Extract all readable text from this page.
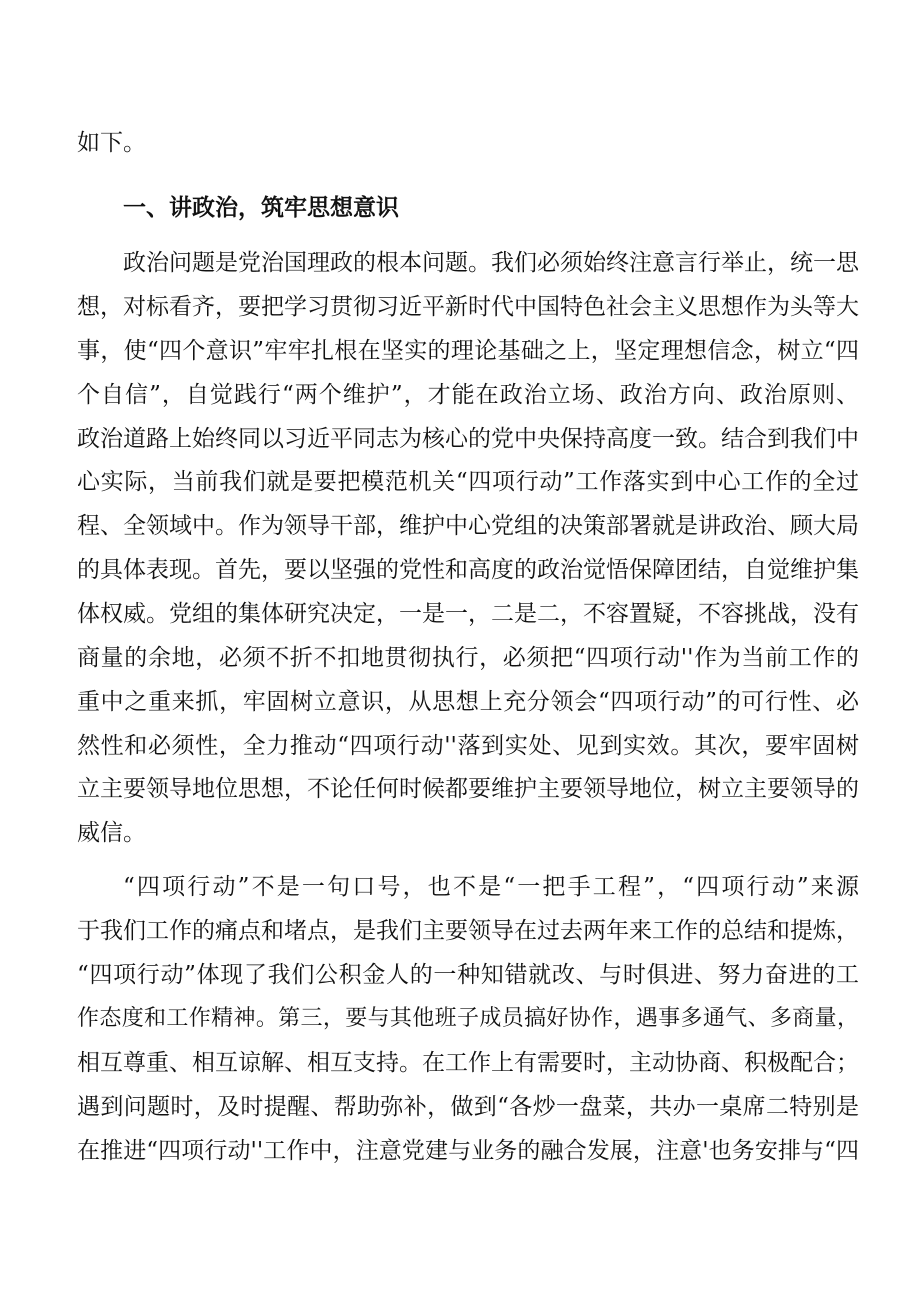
如下。
一、讲政治，筑牢思想意识
政治问题是党治国理政的根本问题。我们必须始终注意言行举止，统一思
想，对标看齐，要把学习贯彻习近平新时代中国特色社会主义思想作为头等大
事，使“四个意识”牢牢扎根在坚实的理论基础之上，坚定理想信念，树立“四
个自信”，自觉践行“两个维护”，才能在政治立场、政治方向、政治原则、
政治道路上始终同以习近平同志为核心的党中央保持高度一致。结合到我们中
心实际，当前我们就是要把模范机关“四项行动”工作落实到中心工作的全过
程、全领域中。作为领导干部，维护中心党组的决策部署就是讲政治、顾大局
的具体表现。首先，要以坚强的党性和高度的政治觉悟保障团结，自觉维护集
体权威。党组的集体研究决定，一是一，二是二，不容置疑，不容挑战，没有
商量的余地，必须不折不扣地贯彻执行，必须把“四项行动''作为当前工作的
重中之重来抓，牢固树立意识，从思想上充分领会“四项行动”的可行性、必
然性和必须性，全力推动“四项行动''落到实处、见到实效。其次，要牢固树
立主要领导地位思想，不论任何时候都要维护主要领导地位，树立主要领导的
威信。
“四项行动”不是一句口号，也不是“一把手工程”，“四项行动”来源
于我们工作的痛点和堵点，是我们主要领导在过去两年来工作的总结和提炼，
“四项行动”体现了我们公积金人的一种知错就改、与时俱进、努力奋进的工
作态度和工作精神。第三，要与其他班子成员搞好协作，遇事多通气、多商量，
相互尊重、相互谅解、相互支持。在工作上有需要时，主动协商、积极配合；
遇到问题时，及时提醒、帮助弥补，做到“各炒一盘菜，共办一桌席二特别是
在推进“四项行动''工作中，注意党建与业务的融合发展，注意'也务安排与“四
